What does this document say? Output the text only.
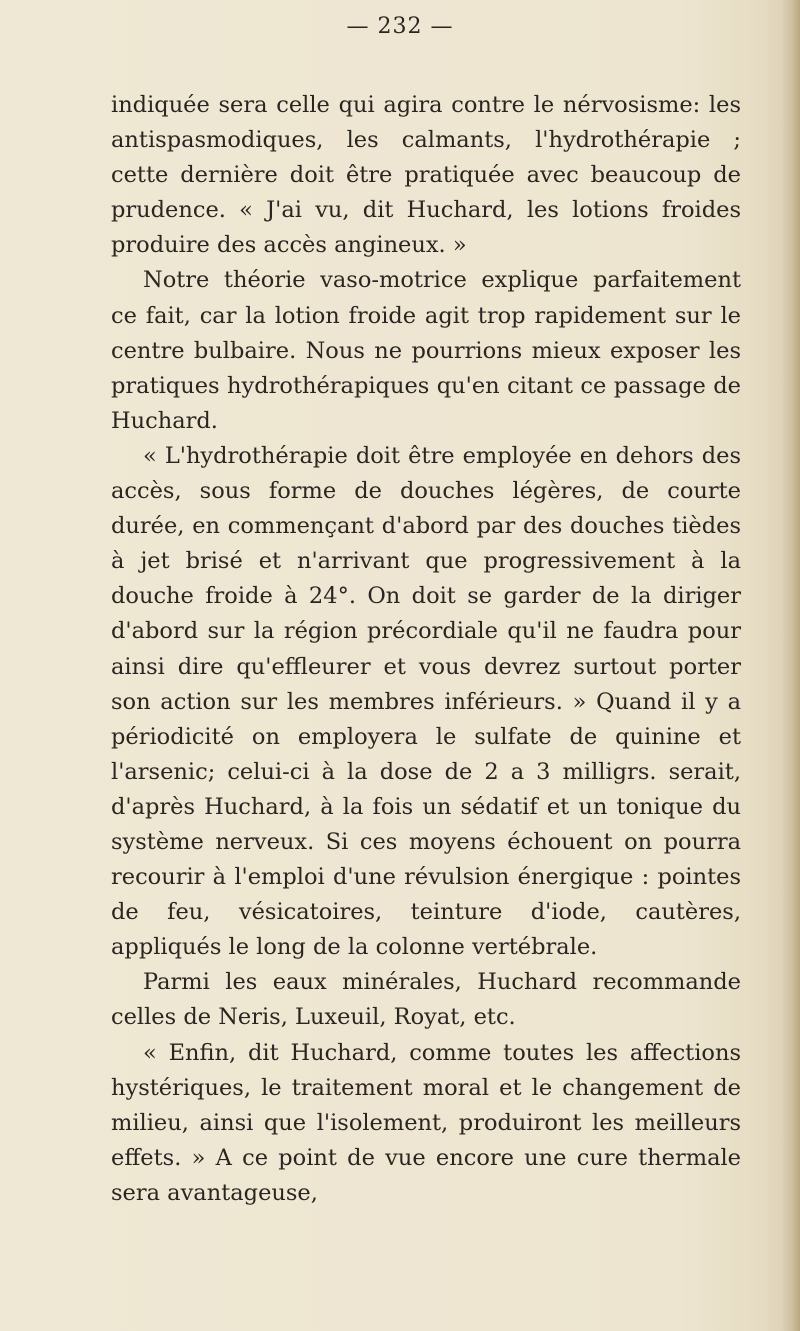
— 232 —

indiquée sera celle qui agira contre le nérvosisme: les antispasmodiques, les calmants, l'hydrothérapie ; cette dernière doit être pratiquée avec beaucoup de prudence. « J'ai vu, dit Huchard, les lotions froides produire des accès angineux. »

Notre théorie vaso-motrice explique parfaitement ce fait, car la lotion froide agit trop rapidement sur le centre bulbaire. Nous ne pourrions mieux exposer les pratiques hydrothérapiques qu'en citant ce passage de Huchard.

« L'hydrothérapie doit être employée en dehors des accès, sous forme de douches légères, de courte durée, en commençant d'abord par des douches tièdes à jet brisé et n'arrivant que progressivement à la douche froide à 24°. On doit se garder de la diriger d'abord sur la région précordiale qu'il ne faudra pour ainsi dire qu'effleurer et vous devrez surtout porter son action sur les membres inférieurs. » Quand il y a périodicité on employera le sulfate de quinine et l'arsenic; celui-ci à la dose de 2 a 3 milligrs. serait, d'après Huchard, à la fois un sédatif et un tonique du système nerveux. Si ces moyens échouent on pourra recourir à l'emploi d'une révulsion énergique : pointes de feu, vésicatoires, teinture d'iode, cautères, appliqués le long de la colonne vertébrale.

Parmi les eaux minérales, Huchard recommande celles de Neris, Luxeuil, Royat, etc.

« Enfin, dit Huchard, comme toutes les affections hystériques, le traitement moral et le changement de milieu, ainsi que l'isolement, produiront les meilleurs effets. » A ce point de vue encore une cure thermale sera avantageuse,
